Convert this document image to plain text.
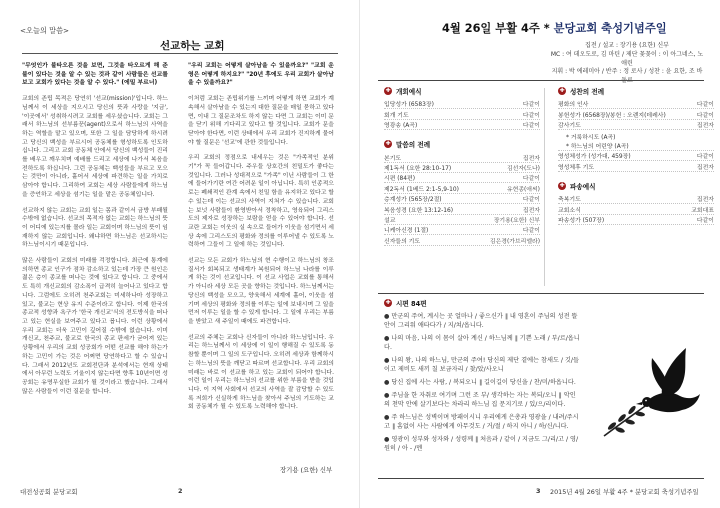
<오늘의 말씀>
선교하는 교회
"무엇인가 불타오른 것을 보면, 그것을 타오르게 해 준 불이 있다는 것을 알 수 있는 것과 같이 사람들은 선교를 보고 교회가 있다는 것을 알 수 있다." (에밀 부르너)
교회의 존립 목적은 당연히 '선교(mission)'입니다. 하느님께서 이 세상을 지으시고 당신의 뜻과 사랑을 '지금', '이곳에서' 성취하시려고 교회를 세우셨습니다. 교회는 그래서 하느님의 선부름꾼(agent)으로서 하느님의 사역을 하는 역할을 맡고 있으며, 또한 그 일을 담당하게 하시려고 당신의 백성을 부르시어 공동체를 형성하도록 인도하십니다. 그리고 교회 공동체 안에서 당신의 백성들이 진리를 배우고 깨우치며 예배를 드리고 세상에 나가서 복음을 전하도록 하십니다. 그런 공동체는 백성들을 부르고 모으는 것만이 아니라, 흩어서 세상에 파견하는 일을 가치로 삼아야 합니다. 그리하여 교회는 세상 사람들에게 하느님을 증언하고 세상을 섬기는 일을 맡은 공동체입니다.
선교하지 않는 교회는 교회 일는 몸과 같이서 금방 부패될 수밖에 없습니다. 선교의 목적자 없는 교회는 하느님의 뜻이 어디에 있는지를 몰라 일는 교회이며 하느님의 뜻이 임재하지 않는 교회입니다. 왜냐하면 하느님은 선교하시는 하느님이시기 때문입니다.
많은 사람들이 교회의 미래를 걱정합니다. 최근에 통계에 의하면 종교 인구가 점차 감소하고 있는데 가장 큰 원인은 젊은 층이 종교를 떠나는 것에 있다고 합니다. 그 중에서도 특히 개신교회의 감소폭이 급격히 늘어나고 있다고 합니다. 그럼에도 오히려 천주교회는 미세하나마 성장하고 있고, 불교는 현상 유지 수준이라고 합니다. 이제 한국의 종교적 성향과 욕구가 '한국 개신교'식의 전도방식을 떠나고 있는 현실을 보여주고 있다고 봅니다. 이런 상황에서 우리 교회는 더욱 고민이 깊어질 수밖에 없습니다. 이미 개신교, 천주교, 불교로 한국의 종교 판세가 굳어져 있는 상황에서 우리의 교회 성공회가 어떤 선교를 해야 하는가 하는 고민이 가는 것은 어쩌면 당연하다고 할 수 있습니다. 그래서 2012년도 교회전단과 분석에서는 현재 상태에서 아무런 노력도 기울이지 않는다면 향후 10년이면 성공회는 유명무실한 교회가 될 것이라고 했습니다. 그래서 많은 사람들이 이런 질문을 합니다.
"우리 교회는 어떻게 살아남을 수 있을까요?" "교회 운영은 어떻게 하지요?" "20년 후에도 우리 교회가 살아남을 수 있을까요?"
이처럼 교회는 존립위기를 느끼며 어떻게 하면 교회가 계속해서 살아남을 수 있는지 대한 질문을 매일 묻하고 있다면, 이내 그 질문조차도 하지 않는 다면 그 교회는 이미 문을 닫기 위해 기다리고 있다고 할 것입니다. 교회가 문을 닫아야 한다면, 이런 상태에서 우리 교회가 진지하게 물어야 할 질문은 '선교'에 관한 것들입니다.
우리 교회의 정점으로 내세우는 것은 "가족적인 분위기"가 꼭 들어갑니다. 주우들 상호간의 친밀도가 좋다는 것입니다. 그러나 성대적으로 "가족" 이닌 사람들이 그 한에 들어가기란 여간 어려운 일이 아닙니다. 특히 인종적으로는 폐쇄적인 관계 속에서 친밀 함을 유지하고 있다고 할 수 있는데 이는 선교의 사역이 지쳐가 수 있습니다. 교회는 보넛 사람들이 환영받아서 정착하고, 영육되어 그리스도의 제자로 성장하는 보람을 얻을 수 있어야 합니다. 선교란 교회는 이웃의 실 속으로 들어가 이웃을 섬기면서 세상 속에 그리스도의 평화와 정의를 이루어낼 수 있도록 노력하여 그들이 그 일에 하는 것입니다.
선교는 모든 교회가 하느님의 현 수행이고 하느님의 창조질서가 회복되고 생태계가 복원되어 하느님 나라를 이루게 하는 것이 선교입니다. 이 선교 사업은 교회를 통해서가 아니라 세상 모든 곳을 향하는 것입니다. 하느님께서는 당신의 백성을 모으고, 양육해서 세계에 흩어, 이웃을 섬기며 세상의 평화와 정의를 이루는 일에 보내시며 그 일을 먼저 이루는 일을 할 수 있게 합니다. 그 일에 우리는 부름을 받았고 새 주일이 때에도 파견합니다.
선교의 주체는 교회나 신자들이 아니라 하느님입니다. 우리는 하느님께서 이 세상에 이 일이 행해질 수 있도록 동참할 뿐이며 그 일의 도구입니다. 오히려 세상과 함께하시는 하느님의 뜻을 깨닫고 따르며 선교합니다. 우리 교회의 미래는 바로 이 선교를 하고 있는 교회이 되어야 합니다. 이런 일이 우리는 하느님의 선교를 위한 부름을 받을 것입니다. 이 지역 사회에서 선교의 사역을 잘 감당할 수 있도록 저희가 신실하게 하느님을 찾아서 주님의 기도하는 교회 공동체가 될 수 있도록 노력해야 합니다.
장기용 (요한) 신부
대전성공회 분당교회	2
4월 26일 부활 4주 * 분당교회 축성기념주일
집전 / 설교 : 장기용 (요한) 신부
MC : 여 데오도로, 김 마틴 / 제단 꽃꽂이 : 이 아그네스, 노 애린
지휘 : 박 에레미아 / 반주 : 정 로사 / 성찬 : 윤 요한, 조 바
✚ 개회예식
입당성가 (6583장)	다같이
회개 기도	다같이
영광송 (A곡)	다같이
✚ 말씀의 전례
본기도	집전자
제1독서 (요한 28:10-17)	김선자(도나)
시편 (84편)	다같이
제2독서 (1베드 2:1-5,9-10)	유현종(애씨)
층계성가 (565장/2절)	다같이
복음성경 (요한 13:12-16)	집전자
설교	장기용(요한) 신부
니케아신경 (1절)	다같이
신자들의 기도	김은경(가브리엘라)
✚ 성찬의 전례
평화의 인사	다같이
봉헌성가 (6568장)/봉헌 : 오렌지(데레사)	다같이
감사기도	집전자
* 거룩하시도 (A곡)
* 하느님의 어린양 (A곡)
영성체성가 (성가대, 459장)	다같이
영성체후 기도	집전자
✚ 파송예식
축복기도	집전자
교회소식	교회대표
파송성가 (507장)	다같이
✚ 시편 84편
● 만군의 주여, 계시는 곳 얼마나 / 좋으신가 ∥ 내 영혼이 주님의 성전 뜰 안이 그리워 애타다가 / 지/쳐/옵니다.
● 나의 마음, 나의 이 몸이 살아 계신 / 하느님께 ∥ 기쁜 노래 / 부/르/옵니다.
● 나의 왕, 나의 하느님, 만군의 주여! 당신의 제단 곁에는 참새도 / 깃/들이고 제비도 새끼 칠 보금자리 / 찾/았/사오니
● 당신 집에 사는 사람, / 복되오니 ∥ 길이길이 당신을 / 찬/미/하옵니다.
● 주님을 한 자취로 여기며 그런 조 부/ 생각하는 자는 복되/오니 ∥ 악인의 천막 안에 살기보다는 차라리 하느님 집 문지기로 / 있/으/리이다.
● 주 하느님은 성벽이며 방패이시니 우리에게 은총과 영광을 / 내려/주시고 ∥ 흠없이 사는 사람에게 아무것도 / 거/절 / 하지 아니 / 하/신/니다.
● 영광이 성부와 성자와 / 성령께 ∥ 처음과 / 같이 / 지금도 그/리/고 / 영/ 원히 / 아 - /멘
3 2015년 4월 26일 부활 4주 * 분당교회 축성기념주일
